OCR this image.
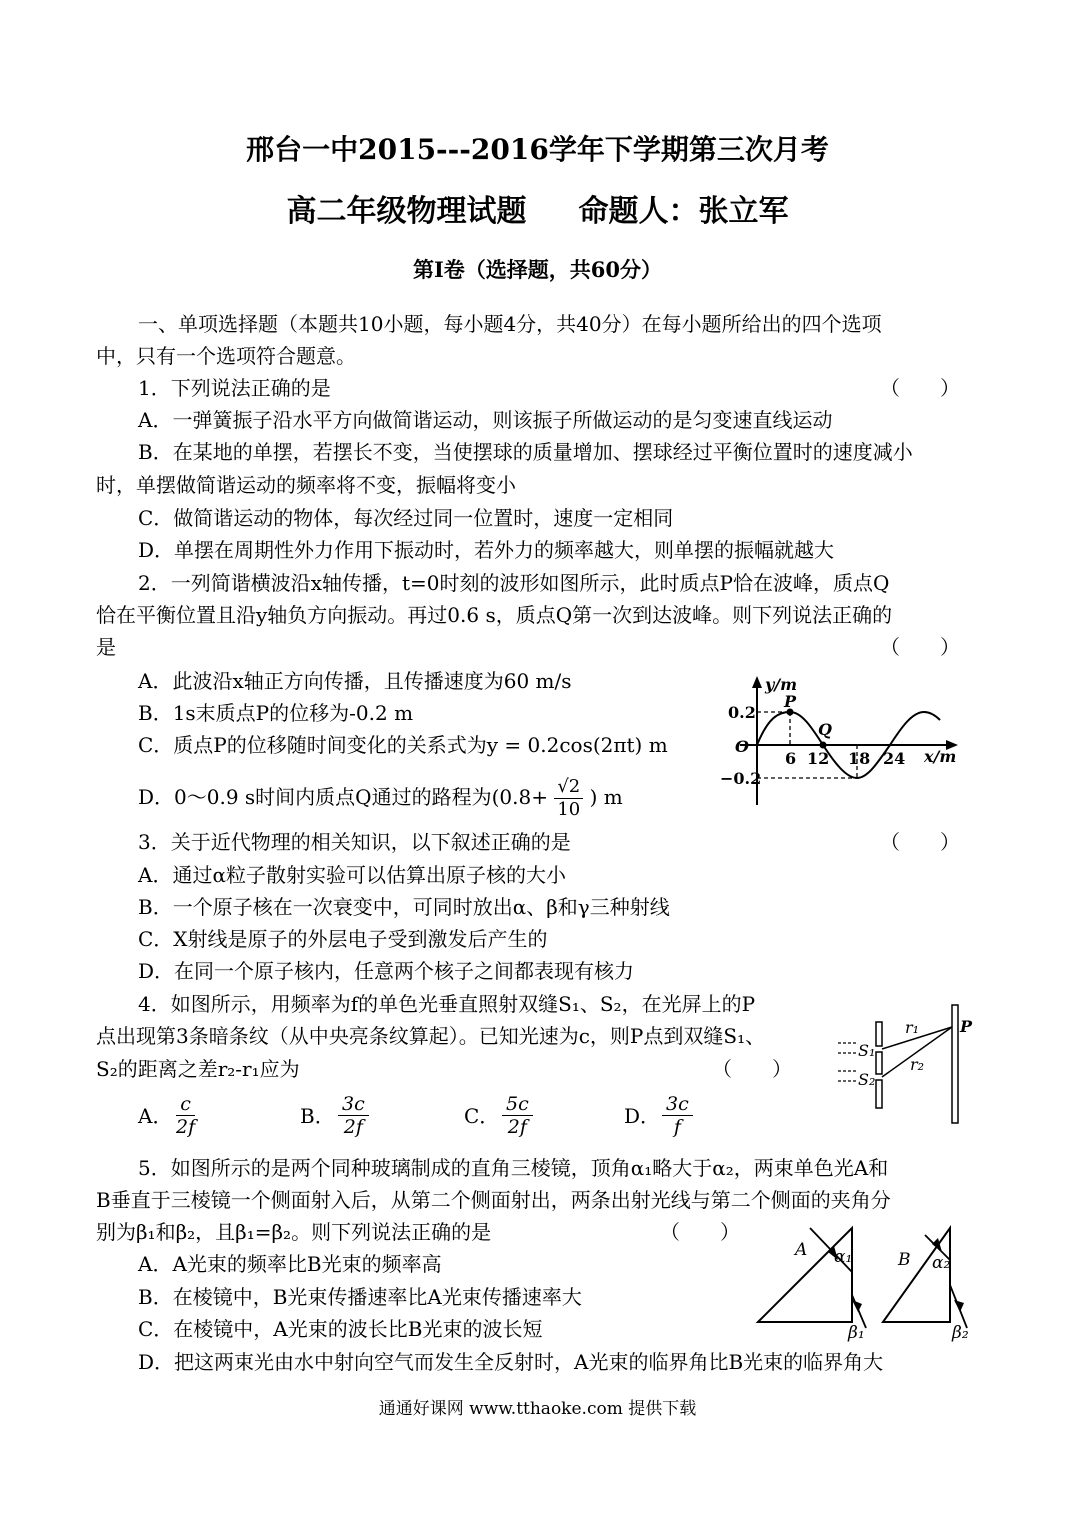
邢台一中2015---2016学年下学期第三次月考
高二年级物理试题 命题人：张立军
第Ⅰ卷（选择题，共60分）
一、单项选择题（本题共10小题，每小题4分，共40分）在每小题所给出的四个选项
中，只有一个选项符合题意。
1．下列说法正确的是	（　　）
A．一弹簧振子沿水平方向做简谐运动，则该振子所做运动的是匀变速直线运动
B．在某地的单摆，若摆长不变，当使摆球的质量增加、摆球经过平衡位置时的速度减小
时，单摆做简谐运动的频率将不变，振幅将变小
C．做简谐运动的物体，每次经过同一位置时，速度一定相同
D．单摆在周期性外力作用下振动时，若外力的频率越大，则单摆的振幅就越大
2．一列简谐横波沿x轴传播，t=0时刻的波形如图所示，此时质点P恰在波峰，质点Q
恰在平衡位置且沿y轴负方向振动。再过0.6 s，质点Q第一次到达波峰。则下列说法正确的
是	（　　）
A．此波沿x轴正方向传播，且传播速度为60 m/s
B．1s末质点P的位移为-0.2 m
C．质点P的位移随时间变化的关系式为y = 0.2cos(2πt) m
D．0～0.9 s时间内质点Q通过的路程为($0.8+ \frac{√2}{10}$ ) m
y/m
x/m
O
0.2
−0.2
P
Q
6 12 18 24
3．关于近代物理的相关知识，以下叙述正确的是	（　　）
A．通过α粒子散射实验可以估算出原子核的大小
B．一个原子核在一次衰变中，可同时放出α、β和γ三种射线
C．X射线是原子的外层电子受到激发后产生的
D．在同一个原子核内，任意两个核子之间都表现有核力
4．如图所示，用频率为f的单色光垂直照射双缝S₁、S₂，在光屏上的P
点出现第3条暗条纹（从中央亮条纹算起）。已知光速为c，则P点到双缝S₁、
S₂的距离之差r₂-r₁应为	（　　）
A． $\frac{c}{2f}$	B． $\frac{3c}{2f}$	C． $\frac{5c}{2f}$	D． $\frac{3c}{f}$
S₁
S₂
r₁
r₂
P
5．如图所示的是两个同种玻璃制成的直角三棱镜，顶角α₁略大于α₂，两束单色光A和
B垂直于三棱镜一个侧面射入后，从第二个侧面射出，两条出射光线与第二个侧面的夹角分
别为β₁和β₂，且β₁=β₂。则下列说法正确的是	（　　）
A．A光束的频率比B光束的频率高
B．在棱镜中，B光束传播速率比A光束传播速率大
C．在棱镜中，A光束的波长比B光束的波长短
D．把这两束光由水中射向空气而发生全反射时，A光束的临界角比B光束的临界角大
A α₁
β₁
B α₂
β₂
通通好课网 www.tthaoke.com 提供下载
